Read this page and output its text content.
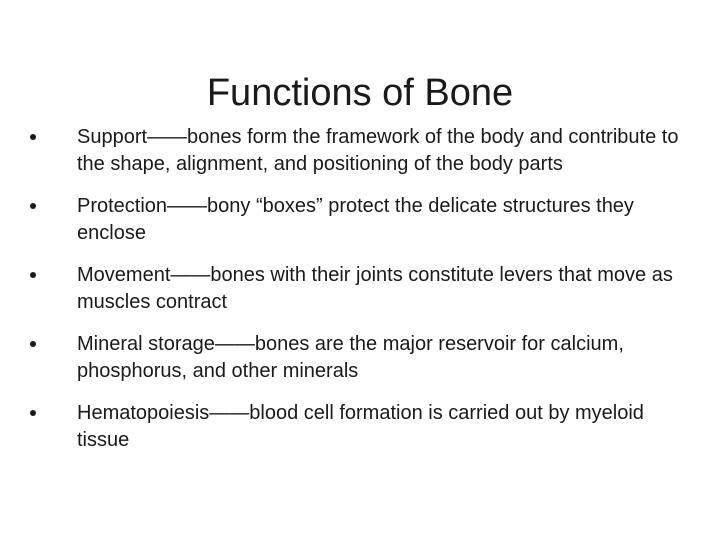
Functions of Bone
Support——bones form the framework of the body and contribute to the shape, alignment, and positioning of the body parts
Protection——bony “boxes” protect the delicate structures they enclose
Movement——bones with their joints constitute levers that move as muscles contract
Mineral storage——bones are the major reservoir for calcium, phosphorus, and other minerals
Hematopoiesis——blood cell formation is carried out by myeloid tissue
